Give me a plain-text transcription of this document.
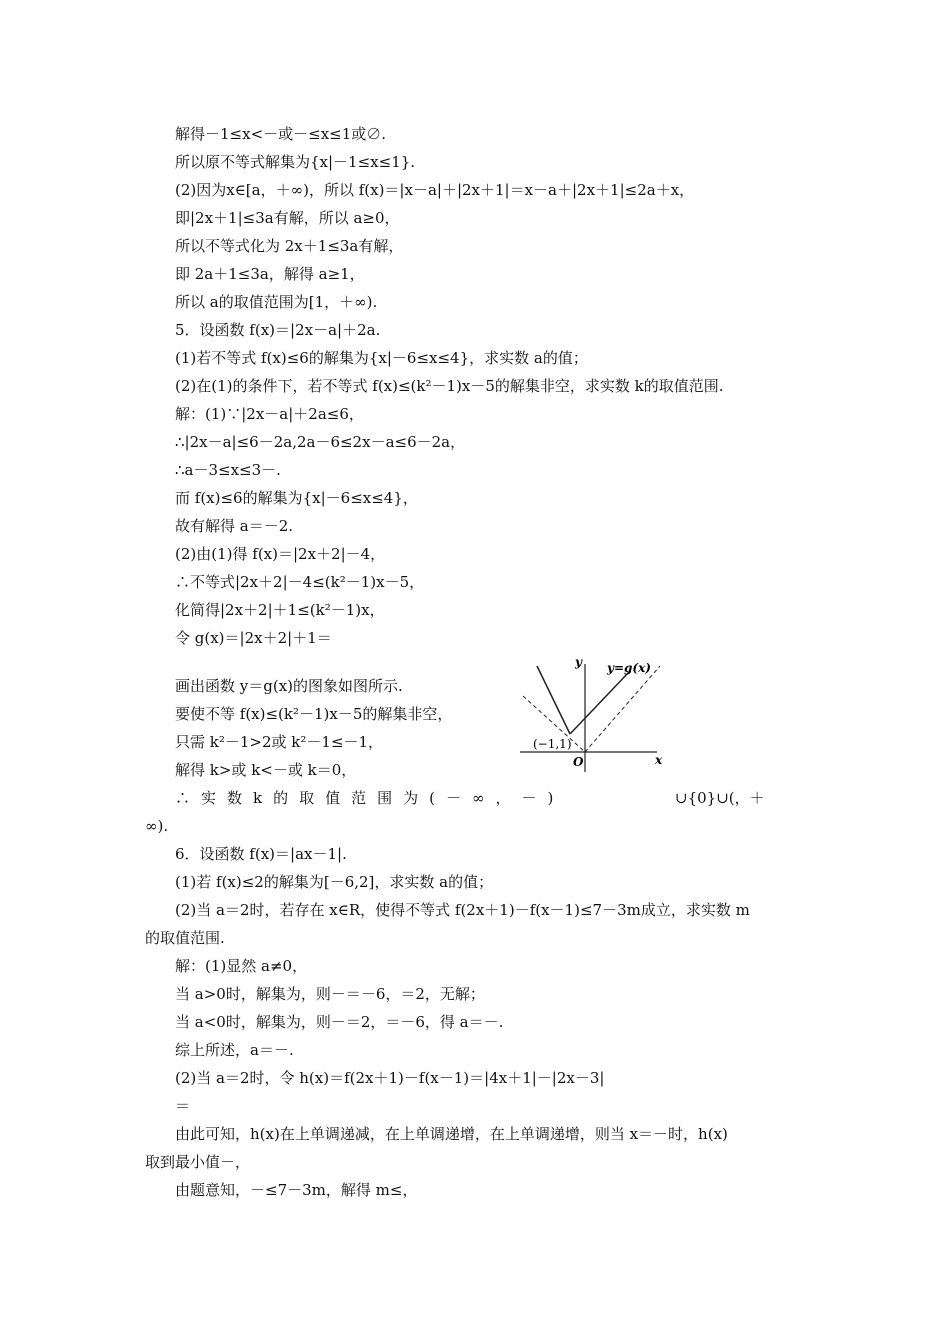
解得－1≤x<－或－≤x≤1或∅.
所以原不等式解集为{x|－1≤x≤1}.
(2)因为x∈[a，＋∞)，所以 f(x)＝|x－a|＋|2x＋1|＝x－a＋|2x＋1|≤2a＋x，
即|2x＋1|≤3a有解，所以 a≥0，
所以不等式化为 2x＋1≤3a有解，
即 2a＋1≤3a，解得 a≥1，
所以 a的取值范围为[1，＋∞).
5．设函数 f(x)＝|2x－a|＋2a.
(1)若不等式 f(x)≤6的解集为{x|－6≤x≤4}，求实数 a的值；
(2)在(1)的条件下，若不等式 f(x)≤(k²－1)x－5的解集非空，求实数 k的取值范围.
解：(1)∵|2x－a|＋2a≤6，
∴|2x－a|≤6－2a,2a－6≤2x－a≤6－2a，
∴a－3≤x≤3－.
而 f(x)≤6的解集为{x|－6≤x≤4}，
故有解得 a＝－2.
(2)由(1)得 f(x)＝|2x＋2|－4，
∴不等式|2x＋2|－4≤(k²－1)x－5，
化简得|2x＋2|＋1≤(k²－1)x，
令 g(x)＝|2x＋2|＋1＝
画出函数 y＝g(x)的图象如图所示.
要使不等 f(x)≤(k²－1)x－5的解集非空，
只需 k²－1>2或 k²－1≤－1，
解得 k>或 k<－或 k＝0，
y y=g(x)
(−1,1)
O	x
∴实数k的取值范围为(－∞，－)	∪{0}∪(，＋
∞).
6．设函数 f(x)＝|ax－1|.
(1)若 f(x)≤2的解集为[－6,2]，求实数 a的值；
(2)当 a＝2时，若存在 x∈R，使得不等式 f(2x＋1)－f(x－1)≤7－3m成立，求实数 m
的取值范围.
解：(1)显然 a≠0，
当 a>0时，解集为，则－＝－6，＝2，无解；
当 a<0时，解集为，则－＝2，＝－6，得 a＝－.
综上所述，a＝－.
(2)当 a＝2时，令 h(x)＝f(2x＋1)－f(x－1)＝|4x＋1|－|2x－3|
＝
由此可知，h(x)在上单调递减，在上单调递增，在上单调递增，则当 x＝－时，h(x)
取到最小值－，
由题意知，－≤7－3m，解得 m≤，
